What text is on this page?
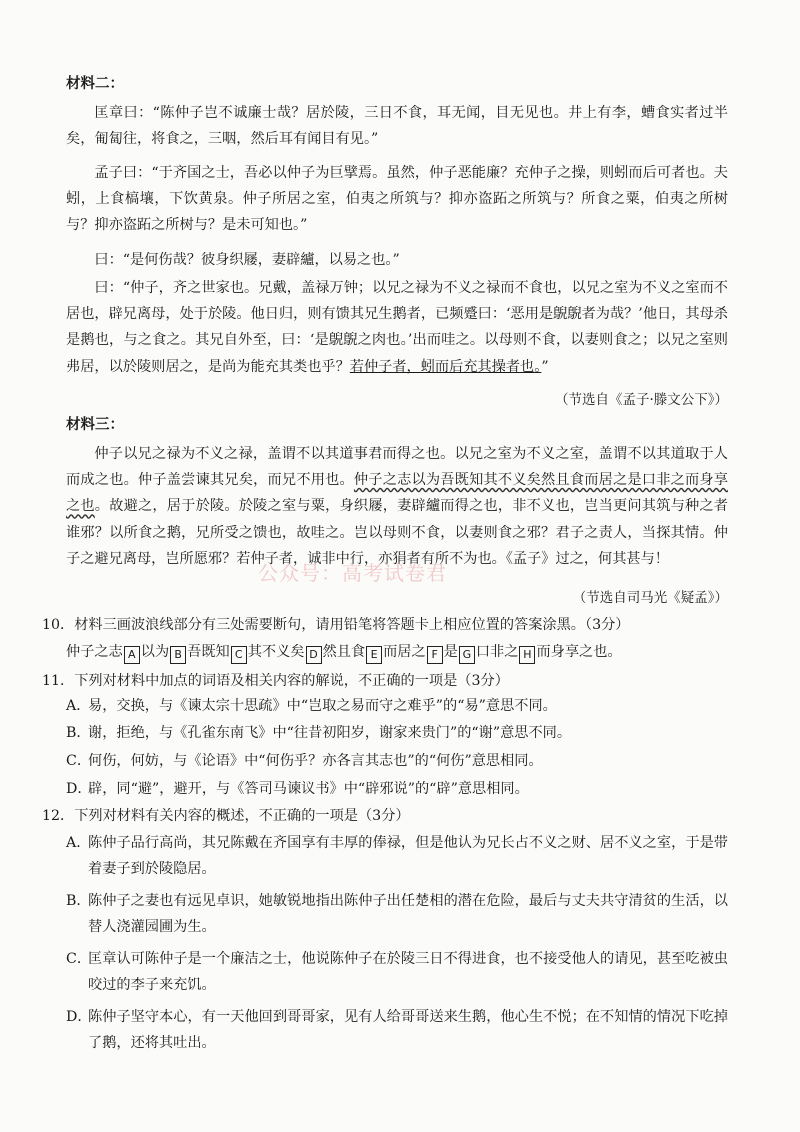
材料二：

匡章曰：“陈仲子岂不诚廉士哉？居於陵，三日不食，耳无闻，目无见也。井上有李，螬食实者过半矣，匍匐往，将食之，三咽，然后耳有闻目有见。”

孟子曰：“于齐国之士，吾必以仲子为巨擘焉。虽然，仲子恶能廉？充仲子之操，则蚓而后可者也。夫蚓，上食槁壤，下饮黄泉。仲子所居之室，伯夷之所筑与？抑亦盗跖之所筑与？所食之粟，伯夷之所树与？抑亦盗跖之所树与？是未可知也。”

曰：“是何伤哉？彼身织屦，妻辟纑，以易之也。”

曰：“仲子，齐之世家也。兄戴，盖禄万钟；以兄之禄为不义之禄而不食也，以兄之室为不义之室而不居也，辟兄离母，处于於陵。他日归，则有馈其兄生鹅者，已频蹙曰：‘恶用是鶃鶃者为哉？’他日，其母杀是鹅也，与之食之。其兄自外至，曰：‘是鶃鶃之肉也。’出而哇之。以母则不食，以妻则食之；以兄之室则弗居，以於陵则居之，是尚为能充其类也乎？若仲子者，蚓而后充其操者也。”

（节选自《孟子·滕文公下》）
材料三：

仲子以兄之禄为不义之禄，盖谓不以其道事君而得之也。以兄之室为不义之室，盖谓不以其道取于人而成之也。仲子盖尝谏其兄矣，而兄不用也。仲子之志以为吾既知其不义矣然且食而居之是口非之而身享之也。故避之，居于於陵。於陵之室与粟，身织屦，妻辟纑而得之也，非不义也，岂当更问其筑与种之者谁邪？以所食之鹅，兄所受之馈也，故哇之。岂以母则不食，以妻则食之邪？君子之责人，当探其情。仲子之避兄离母，岂所愿邪？若仲子者，诚非中行，亦狷者有所不为也。《孟子》过之，何其甚与！

（节选自司马光《疑孟》）
公众号：高考试卷君
10．材料三画波浪线部分有三处需要断句，请用铅笔将答题卡上相应位置的答案涂黑。（3分）
仲子之志 A 以为 B 吾既知 C 其不义矣 D 然且食 E 而居之 F 是 G 口非之 H 而身享之也。
11．下列对材料中加点的词语及相关内容的解说，不正确的一项是（3分）
A．
易，交换，与《谏太宗十思疏》中“岂取之易而守之难乎”的“易”意思不同。
B．
谢，拒绝，与《孔雀东南飞》中“往昔初阳岁，谢家来贵门”的“谢”意思不同。
C．
何伤，何妨，与《论语》中“何伤乎？亦各言其志也”的“何伤”意思相同。
D．
辟，同“避”，避开，与《答司马谏议书》中“辟邪说”的“辟”意思相同。
12．下列对材料有关内容的概述，不正确的一项是（3分）
A．
陈仲子品行高尚，其兄陈戴在齐国享有丰厚的俸禄，但是他认为兄长占不义之财、居不义之室，于是带着妻子到於陵隐居。
B．
陈仲子之妻也有远见卓识，她敏锐地指出陈仲子出任楚相的潜在危险，最后与丈夫共守清贫的生活，以替人浇灌园圃为生。
C．
匡章认可陈仲子是一个廉洁之士，他说陈仲子在於陵三日不得进食，也不接受他人的请见，甚至吃被虫咬过的李子来充饥。
D．
陈仲子坚守本心，有一天他回到哥哥家，见有人给哥哥送来生鹅，他心生不悦；在不知情的情况下吃掉了鹅，还将其吐出。
